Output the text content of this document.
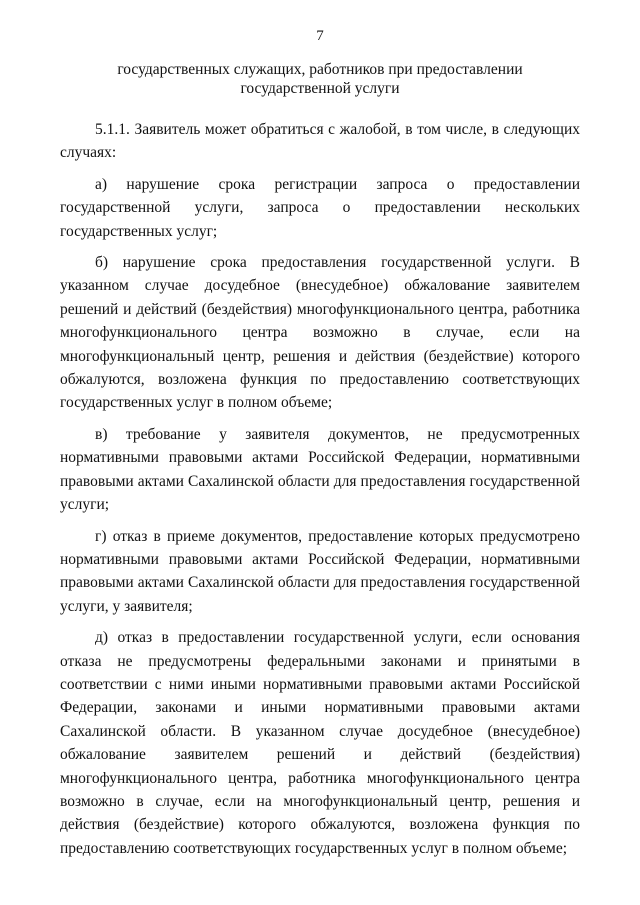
7
государственных служащих, работников при предоставлении
государственной услуги

5.1.1. Заявитель может обратиться с жалобой, в том числе, в следующих случаях:

а) нарушение срока регистрации запроса о предоставлении государственной услуги, запроса о предоставлении нескольких государственных услуг;

б) нарушение срока предоставления государственной услуги. В указанном случае досудебное (внесудебное) обжалование заявителем решений и действий (бездействия) многофункционального центра, работника многофункционального центра возможно в случае, если на многофункциональный центр, решения и действия (бездействие) которого обжалуются, возложена функция по предоставлению соответствующих государственных услуг в полном объеме;

в) требование у заявителя документов, не предусмотренных нормативными правовыми актами Российской Федерации, нормативными правовыми актами Сахалинской области для предоставления государственной услуги;

г) отказ в приеме документов, предоставление которых предусмотрено нормативными правовыми актами Российской Федерации, нормативными правовыми актами Сахалинской области для предоставления государственной услуги, у заявителя;

д) отказ в предоставлении государственной услуги, если основания отказа не предусмотрены федеральными законами и принятыми в соответствии с ними иными нормативными правовыми актами Российской Федерации, законами и иными нормативными правовыми актами Сахалинской области. В указанном случае досудебное (внесудебное) обжалование заявителем решений и действий (бездействия) многофункционального центра, работника многофункционального центра возможно в случае, если на многофункциональный центр, решения и действия (бездействие) которого обжалуются, возложена функция по предоставлению соответствующих государственных услуг в полном объеме;
